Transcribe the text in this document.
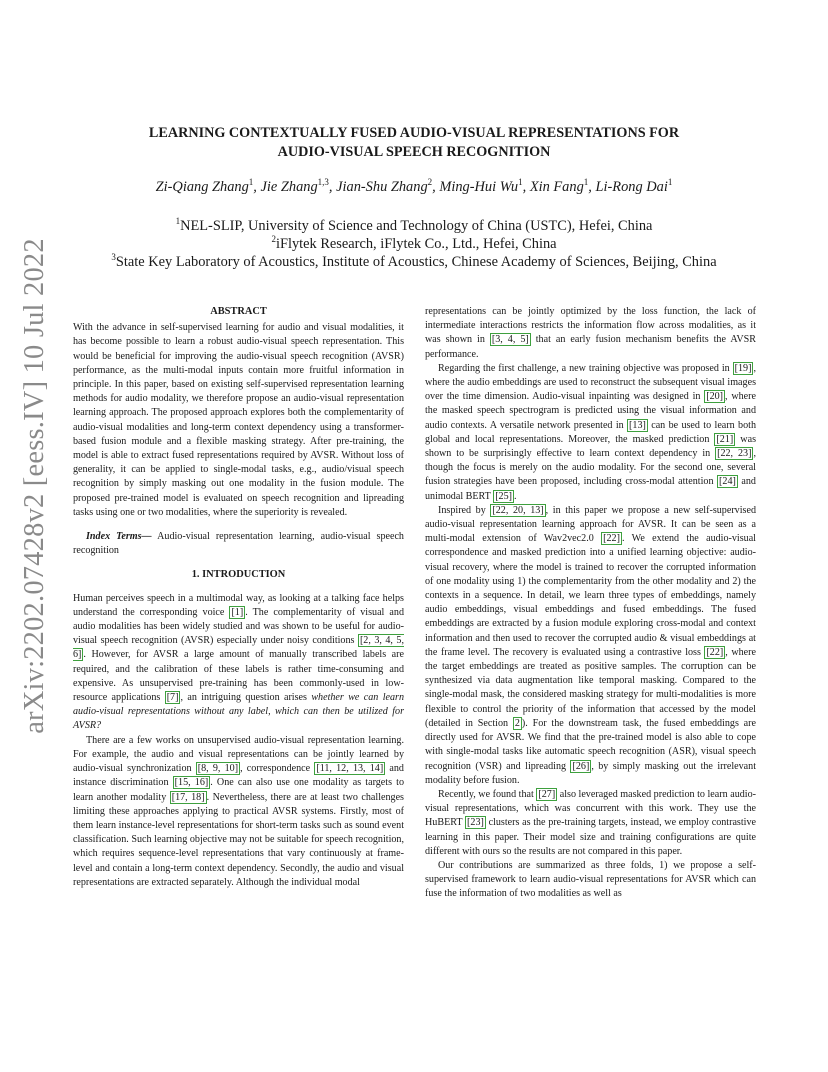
arXiv:2202.07428v2 [eess.IV] 10 Jul 2022
LEARNING CONTEXTUALLY FUSED AUDIO-VISUAL REPRESENTATIONS FOR
AUDIO-VISUAL SPEECH RECOGNITION
Zi-Qiang Zhang$^1$, Jie Zhang$^{1,3}$, Jian-Shu Zhang$^2$, Ming-Hui Wu$^1$, Xin Fang$^1$, Li-Rong Dai$^1$
$^1$NEL-SLIP, University of Science and Technology of China (USTC), Hefei, China
$^2$iFlytek Research, iFlytek Co., Ltd., Hefei, China
$^3$State Key Laboratory of Acoustics, Institute of Acoustics, Chinese Academy of Sciences, Beijing, China
ABSTRACT

With the advance in self-supervised learning for audio and visual modalities, it has become possible to learn a robust audio-visual speech representation. This would be beneficial for improving the audio-visual speech recognition (AVSR) performance, as the multi-modal inputs contain more fruitful information in principle. In this paper, based on existing self-supervised representation learning methods for audio modality, we therefore propose an audio-visual representation learning approach. The proposed approach explores both the complementarity of audio-visual modalities and long-term context dependency using a transformer-based fusion module and a flexible masking strategy. After pre-training, the model is able to extract fused representations required by AVSR. Without loss of generality, it can be applied to single-modal tasks, e.g., audio/visual speech recognition by simply masking out one modality in the fusion module. The proposed pre-trained model is evaluated on speech recognition and lipreading tasks using one or two modalities, where the superiority is revealed.

Index Terms— Audio-visual representation learning, audio-visual speech recognition

1. INTRODUCTION

Human perceives speech in a multimodal way, as looking at a talking face helps understand the corresponding voice [1] . The complementarity of visual and audio modalities has been widely studied and was shown to be useful for audio-visual speech recognition (AVSR) especially under noisy conditions [2, 3, 4, 5, 6] . However, for AVSR a large amount of manually transcribed labels are required, and the calibration of these labels is rather time-consuming and expensive. As unsupervised pre-training has been commonly-used in low-resource applications [7] , an intriguing question arises whether we can learn audio-visual representations without any label, which can then be utilized for AVSR?

There are a few works on unsupervised audio-visual representation learning. For example, the audio and visual representations can be jointly learned by audio-visual synchronization [8, 9, 10] , correspondence [11, 12, 13, 14] and instance discrimination [15, 16] . One can also use one modality as targets to learn another modality [17, 18] . Nevertheless, there are at least two challenges limiting these approaches applying to practical AVSR systems. Firstly, most of them learn instance-level representations for short-term tasks such as sound event classification. Such learning objective may not be suitable for speech recognition, which requires sequence-level representations that vary continuously at frame-level and contain a long-term context dependency. Secondly, the audio and visual representations are extracted separately. Although the individual modal

representations can be jointly optimized by the loss function, the lack of intermediate interactions restricts the information flow across modalities, as it was shown in [3, 4, 5] that an early fusion mechanism benefits the AVSR performance.

Regarding the first challenge, a new training objective was proposed in [19] , where the audio embeddings are used to reconstruct the subsequent visual images over the time dimension. Audio-visual inpainting was designed in [20] , where the masked speech spectrogram is predicted using the visual information and audio contexts. A versatile network presented in [13] can be used to learn both global and local representations. Moreover, the masked prediction [21] was shown to be surprisingly effective to learn context dependency in [22, 23] , though the focus is merely on the audio modality. For the second one, several fusion strategies have been proposed, including cross-modal attention [24] and unimodal BERT [25] .

Inspired by [22, 20, 13] , in this paper we propose a new self-supervised audio-visual representation learning approach for AVSR. It can be seen as a multi-modal extension of Wav2vec2.0 [22] . We extend the audio-visual correspondence and masked prediction into a unified learning objective: audio-visual recovery, where the model is trained to recover the corrupted information of one modality using 1) the complementarity from the other modality and 2) the contexts in a sequence. In detail, we learn three types of embeddings, namely audio embeddings, visual embeddings and fused embeddings. The fused embeddings are extracted by a fusion module exploring cross-modal and context information and then used to recover the corrupted audio & visual embeddings at the frame level. The recovery is evaluated using a contrastive loss [22] , where the target embeddings are treated as positive samples. The corruption can be synthesized via data augmentation like temporal masking. Compared to the single-modal mask, the considered masking strategy for multi-modalities is more flexible to control the priority of the information that accessed by the model (detailed in Section 2 ). For the downstream task, the fused embeddings are directly used for AVSR. We find that the pre-trained model is also able to cope with single-modal tasks like automatic speech recognition (ASR), visual speech recognition (VSR) and lipreading [26] , by simply masking out the irrelevant modality before fusion.

Recently, we found that [27] also leveraged masked prediction to learn audio-visual representations, which was concurrent with this work. They use the HuBERT [23] clusters as the pre-training targets, instead, we employ contrastive learning in this paper. Their model size and training configurations are quite different with ours so the results are not compared in this paper.

Our contributions are summarized as three folds, 1) we propose a self-supervised framework to learn audio-visual representations for AVSR which can fuse the information of two modalities as well as
